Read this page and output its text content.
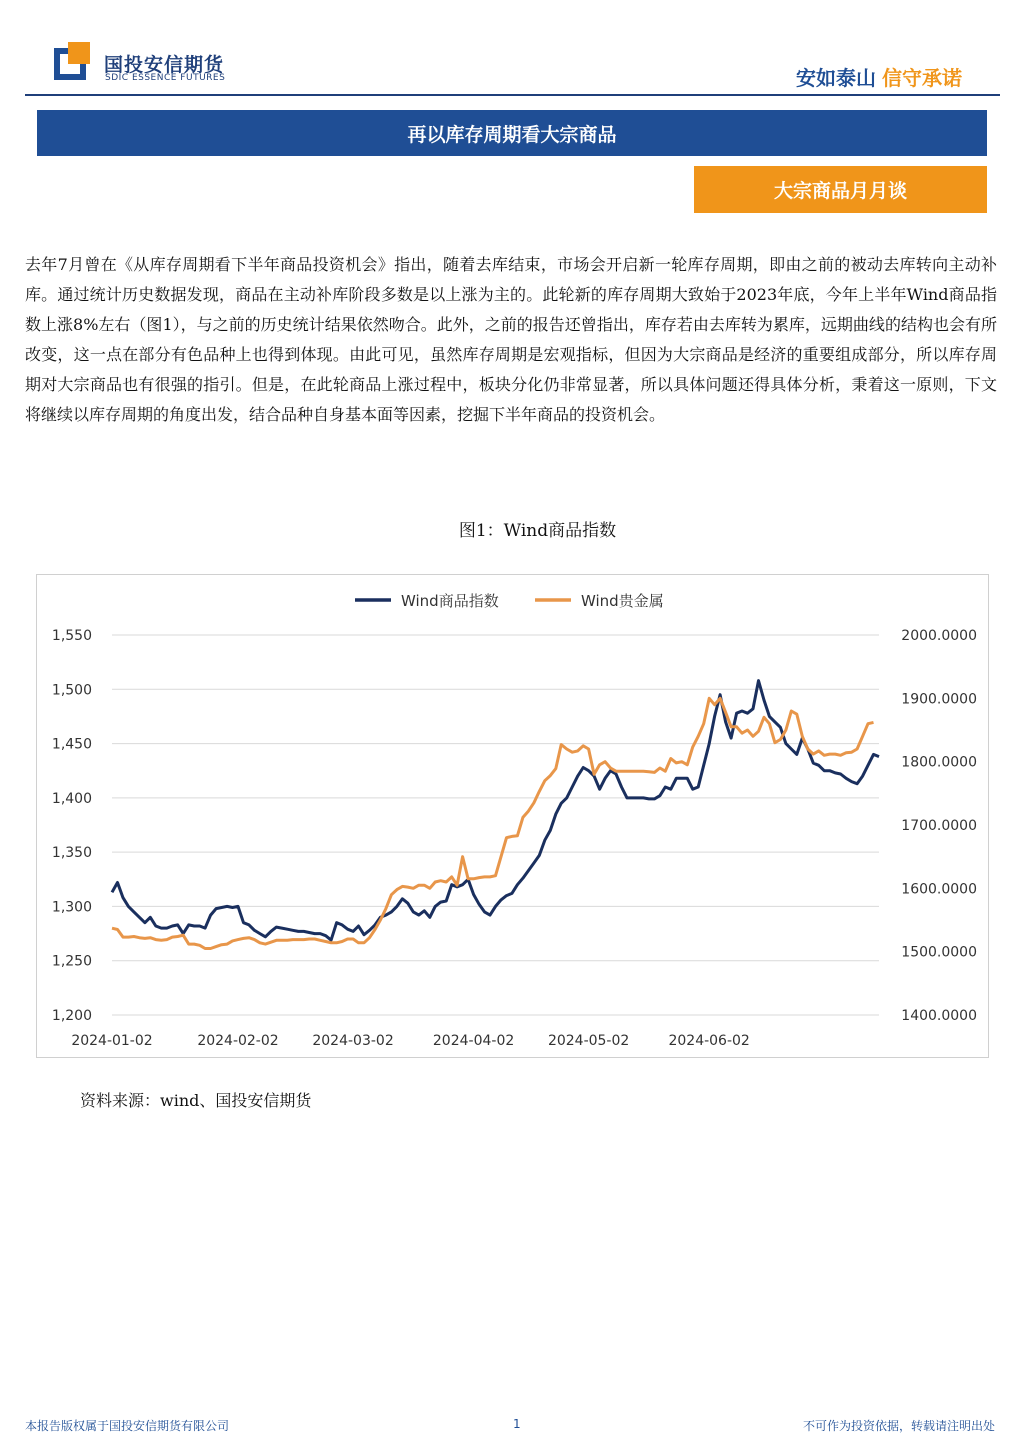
国投安信期货
SDIC ESSENCE FUTURES	安如泰山 信守承诺
再以库存周期看大宗商品
大宗商品月月谈

去年7月曾在《从库存周期看下半年商品投资机会》指出，随着去库结束，市场会开启新一轮库存周期，即由之前的被动去库转向主动补库。通过统计历史数据发现，商品在主动补库阶段多数是以上涨为主的。此轮新的库存周期大致始于2023年底，今年上半年Wind商品指数上涨8%左右（图1），与之前的历史统计结果依然吻合。此外，之前的报告还曾指出，库存若由去库转为累库，远期曲线的结构也会有所改变，这一点在部分有色品种上也得到体现。由此可见，虽然库存周期是宏观指标，但因为大宗商品是经济的重要组成部分，所以库存周期对大宗商品也有很强的指引。但是，在此轮商品上涨过程中，板块分化仍非常显著，所以具体问题还得具体分析，秉着这一原则，下文将继续以库存周期的角度出发，结合品种自身基本面等因素，挖掘下半年商品的投资机会。

图1：Wind商品指数
1,550
1,500
1,450
1,400
1,350
1,300
1,250
1,200
2000.0000
1900.0000
1800.0000
1700.0000
1600.0000
1500.0000
1400.0000
2024-01-02	2024-02-02 2024-03-02	2024-04-02 2024-05-02	2024-06-02
Wind商品指数	Wind贵金属
资料来源：wind、国投安信期货
本报告版权属于国投安信期货有限公司	1	不可作为投资依据，转载请注明出处
